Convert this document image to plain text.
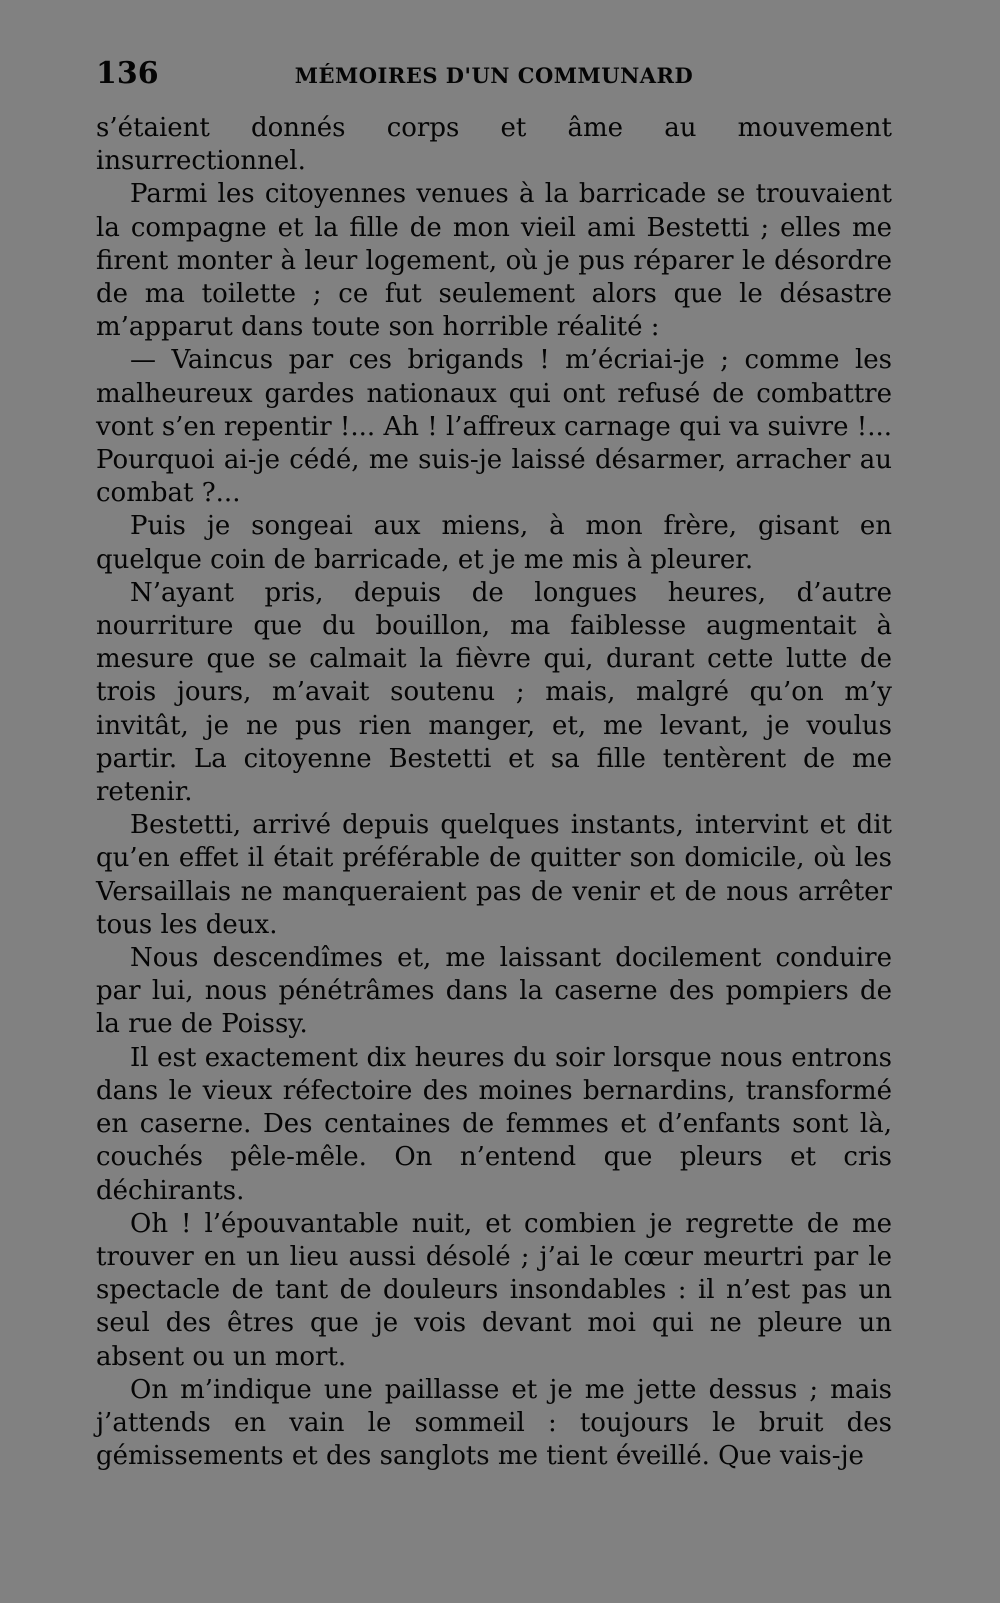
136	MÉMOIRES D'UN COMMUNARD

s’étaient donnés corps et âme au mouvement insurrectionnel.

Parmi les citoyennes venues à la barricade se trouvaient la compagne et la fille de mon vieil ami Bestetti ; elles me firent monter à leur logement, où je pus réparer le désordre de ma toilette ; ce fut seulement alors que le désastre m’apparut dans toute son horrible réalité :

— Vaincus par ces brigands ! m’écriai-je ; comme les malheureux gardes nationaux qui ont refusé de combattre vont s’en repentir !... Ah ! l’affreux carnage qui va suivre !... Pourquoi ai-je cédé, me suis-je laissé désarmer, arracher au combat ?...

Puis je songeai aux miens, à mon frère, gisant en quelque coin de barricade, et je me mis à pleurer.

N’ayant pris, depuis de longues heures, d’autre nourriture que du bouillon, ma faiblesse augmentait à mesure que se calmait la fièvre qui, durant cette lutte de trois jours, m’avait soutenu ; mais, malgré qu’on m’y invitât, je ne pus rien manger, et, me levant, je voulus partir. La citoyenne Bestetti et sa fille tentèrent de me retenir.

Bestetti, arrivé depuis quelques instants, intervint et dit qu’en effet il était préférable de quitter son domicile, où les Versaillais ne manqueraient pas de venir et de nous arrêter tous les deux.

Nous descendîmes et, me laissant docilement conduire par lui, nous pénétrâmes dans la caserne des pompiers de la rue de Poissy.

Il est exactement dix heures du soir lorsque nous entrons dans le vieux réfectoire des moines bernardins, transformé en caserne. Des centaines de femmes et d’enfants sont là, couchés pêle-mêle. On n’entend que pleurs et cris déchirants.

Oh ! l’épouvantable nuit, et combien je regrette de me trouver en un lieu aussi désolé ; j’ai le cœur meurtri par le spectacle de tant de douleurs insondables : il n’est pas un seul des êtres que je vois devant moi qui ne pleure un absent ou un mort.

On m’indique une paillasse et je me jette dessus ; mais j’attends en vain le sommeil : toujours le bruit des gémissements et des sanglots me tient éveillé. Que vais-je
